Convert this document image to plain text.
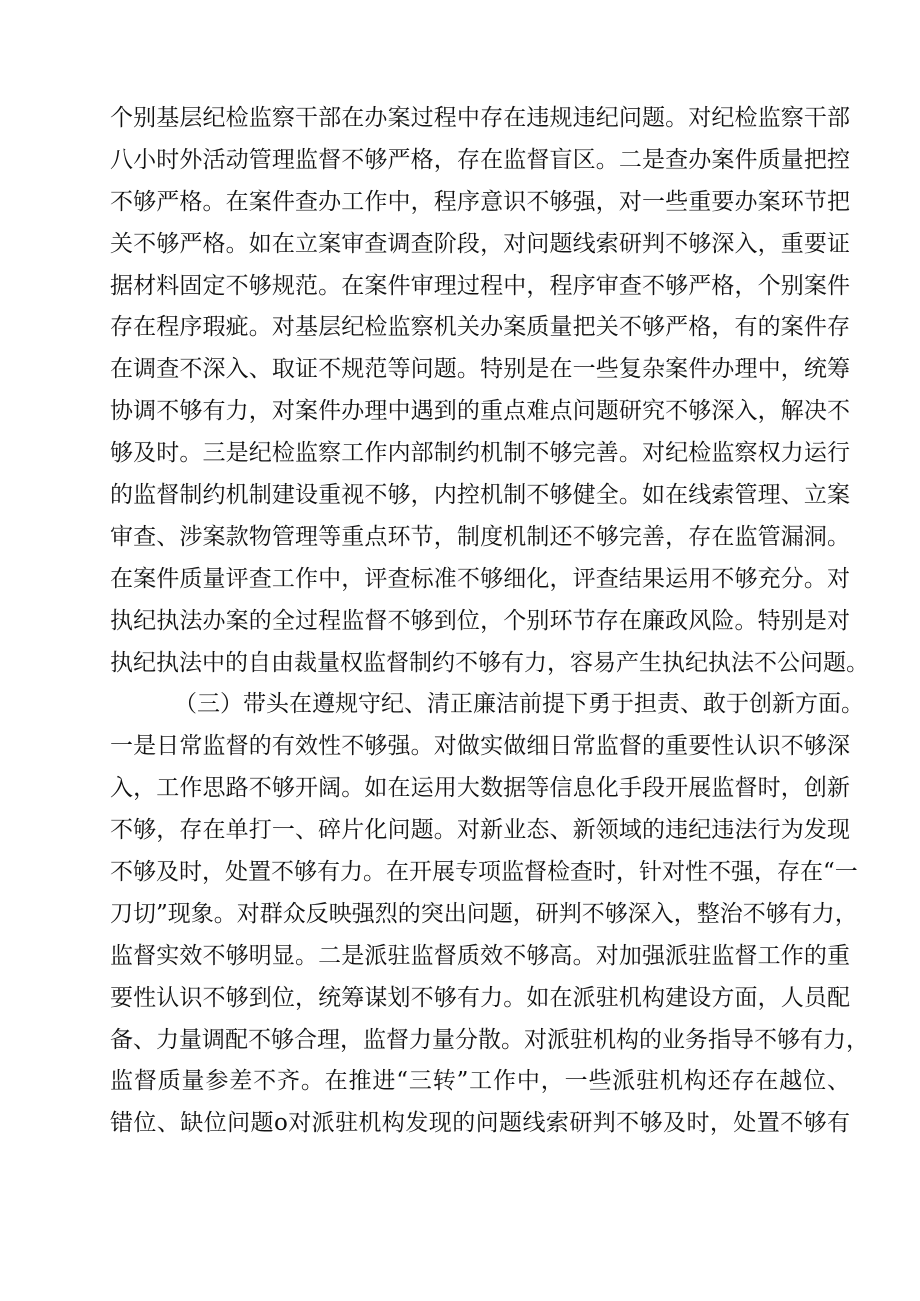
个别基层纪检监察干部在办案过程中存在违规违纪问题。对纪检监察干部
八小时外活动管理监督不够严格，存在监督盲区。二是查办案件质量把控
不够严格。在案件查办工作中，程序意识不够强，对一些重要办案环节把
关不够严格。如在立案审查调查阶段，对问题线索研判不够深入，重要证
据材料固定不够规范。在案件审理过程中，程序审查不够严格，个别案件
存在程序瑕疵。对基层纪检监察机关办案质量把关不够严格，有的案件存
在调查不深入、取证不规范等问题。特别是在一些复杂案件办理中，统筹
协调不够有力，对案件办理中遇到的重点难点问题研究不够深入，解决不
够及时。三是纪检监察工作内部制约机制不够完善。对纪检监察权力运行
的监督制约机制建设重视不够，内控机制不够健全。如在线索管理、立案
审查、涉案款物管理等重点环节，制度机制还不够完善，存在监管漏洞。
在案件质量评查工作中，评查标准不够细化，评查结果运用不够充分。对
执纪执法办案的全过程监督不够到位，个别环节存在廉政风险。特别是对
执纪执法中的自由裁量权监督制约不够有力，容易产生执纪执法不公问题。
（三）带头在遵规守纪、清正廉洁前提下勇于担责、敢于创新方面。
一是日常监督的有效性不够强。对做实做细日常监督的重要性认识不够深
入，工作思路不够开阔。如在运用大数据等信息化手段开展监督时，创新
不够，存在单打一、碎片化问题。对新业态、新领域的违纪违法行为发现
不够及时，处置不够有力。在开展专项监督检查时，针对性不强，存在“一
刀切”现象。对群众反映强烈的突出问题，研判不够深入，整治不够有力，
监督实效不够明显。二是派驻监督质效不够高。对加强派驻监督工作的重
要性认识不够到位，统筹谋划不够有力。如在派驻机构建设方面，人员配
备、力量调配不够合理，监督力量分散。对派驻机构的业务指导不够有力，
监督质量参差不齐。在推进“三转”工作中，一些派驻机构还存在越位、
错位、缺位问题o对派驻机构发现的问题线索研判不够及时，处置不够有
